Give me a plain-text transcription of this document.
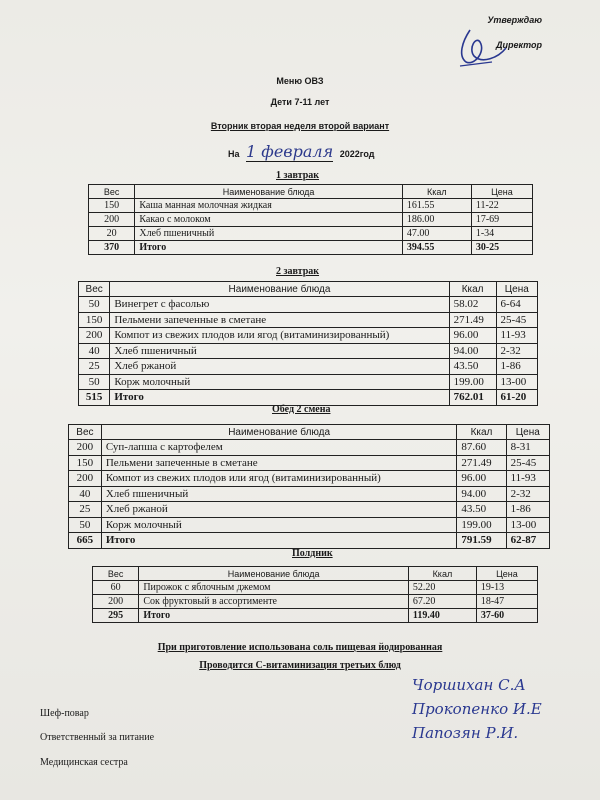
Утверждаю
Директор
Меню ОВЗ
Дети 7-11 лет
Вторник вторая неделя второй вариант
На 1 февраля 2022год
1 завтрак
Вес	Наименование блюда	Ккал	Цена
150	Каша манная молочная жидкая	161.55	11-22
200	Какао с молоком	186.00	17-69
20	Хлеб пшеничный	47.00	1-34
370	Итого	394.55	30-25
2 завтрак
Вес	Наименование блюда	Ккал	Цена
50	Винегрет с фасолью	58.02	6-64
150	Пельмени запеченные в сметане	271.49	25-45
200	Компот из свежих плодов или ягод (витаминизированный)	96.00	11-93
40	Хлеб пшеничный	94.00	2-32
25	Хлеб ржаной	43.50	1-86
50	Корж молочный	199.00	13-00
515	Итого	762.01	61-20
Обед 2 смена
Вес	Наименование блюда	Ккал	Цена
200	Суп-лапша с картофелем	87.60	8-31
150	Пельмени запеченные в сметане	271.49	25-45
200	Компот из свежих плодов или ягод (витаминизированный)	96.00	11-93
40	Хлеб пшеничный	94.00	2-32
25	Хлеб ржаной	43.50	1-86
50	Корж молочный	199.00	13-00
665	Итого	791.59	62-87
Полдник
Вес	Наименование блюда	Ккал	Цена
60	Пирожок с яблочным джемом	52.20	19-13
200	Сок фруктовый в ассортименте	67.20	18-47
295	Итого	119.40	37-60
При приготовление использована соль пищевая йодированная
Проводится С-витаминизация третьих блюд
Шеф-повар
Ответственный за питание
Медицинская сестра
Чоршихан С.А
Прокопенко И.Е
Папозян Р.И.
